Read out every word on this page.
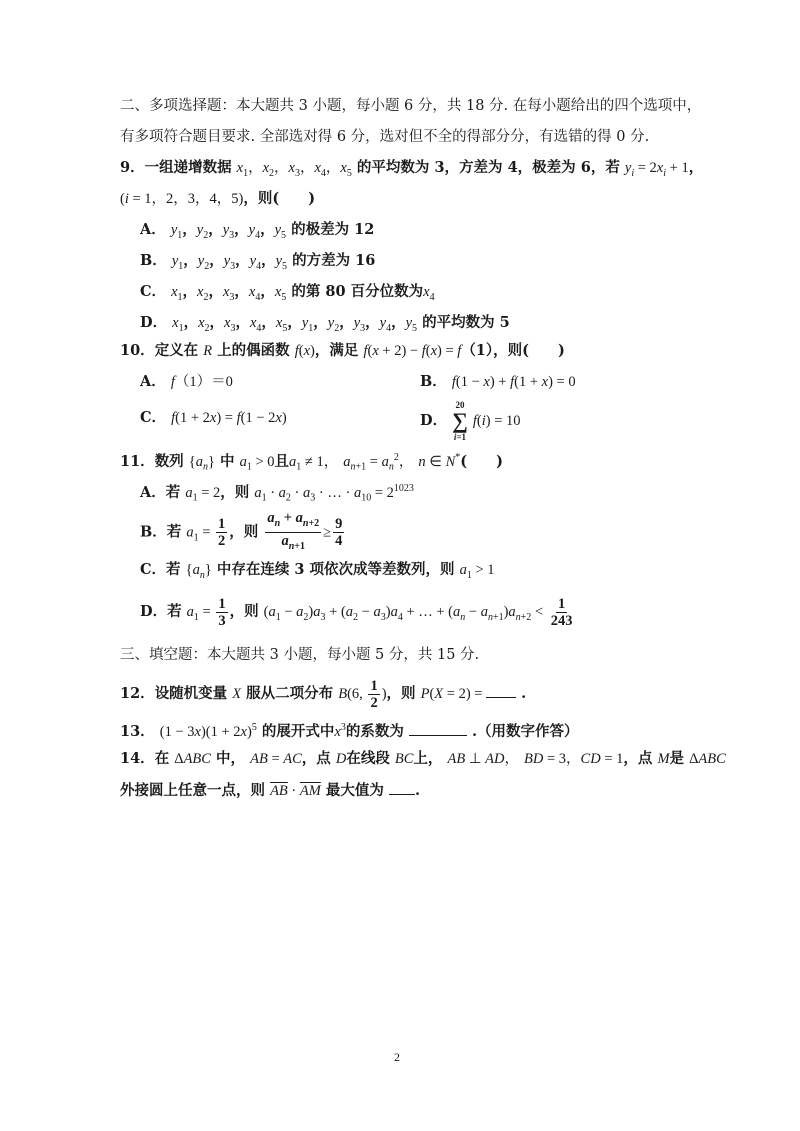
二、多项选择题：本大题共 3 小题，每小题 6 分，共 18 分. 在每小题给出的四个选项中，
有多项符合题目要求. 全部选对得 6 分，选对但不全的得部分分，有选错的得 0 分.
9．一组递增数据 $x_1$，$x_2$，$x_3$，$x_4$，$x_5$ 的平均数为 3，方差为 4，极差为 6，若 $y_i = 2x_i + 1$，
(i = 1，2，3，4，5)，则(　　)
A． $y_1$，$y_2$，$y_3$，$y_4$，$y_5$ 的极差为 12
B． $y_1$，$y_2$，$y_3$，$y_4$，$y_5$ 的方差为 16
C． $x_1$，$x_2$，$x_3$，$x_4$，$x_5$ 的第 80 百分位数为$x_4$
D． $x_1$，$x_2$，$x_3$，$x_4$，$x_5$，$y_1$，$y_2$，$y_3$，$y_4$，$y_5$ 的平均数为 5
10．定义在 R 上的偶函数 f(x)，满足 f(x + 2) − f(x) = f（1），则(　　)
A． f（1）＝0	B． f(1 − x) + f(1 + x) = 0
C． f(1 + 2x) = f(1 − 2x)	D．
20
∑
i=1
f(i) = 10
11．数列 $\{a_n\}$ 中 $a_1 > 0$且$a_1 \ne 1$， $a_{n+1} = a_n^2$， n ∈ N*(　　)
A．若 $a_1 = 2$，则 $a_1 \cdot a_2 \cdot a_3$ · … · $a_{10} = 2^{1023}$
B．若 $a_1 = \frac{1}{2}$ ，则 $\frac{a_n + a_{n+2}}{a_{n+1}} \ge \frac{9}{4}$
C．若 $\{a_n\}$ 中存在连续 3 项依次成等差数列，则 $a_1 > 1$
D．若 $a_1 = \frac{1}{3}$ ，则 $(a_1 - a_2)a_3 + (a_2 - a_3)a_4$ + … + $(a_n - a_{n+1})a_{n+2} < \frac{1}{243}$
三、填空题：本大题共 3 小题，每小题 5 分，共 15 分.
12．设随机变量 X 服从二项分布 B(6, $\frac{1}{2}$ )，则 P(X = 2) =  .
13． $(1 - 3x)(1 + 2x)^5$ 的展开式中$x^3$的系数为	.（用数字作答）
14．在 ΔABC 中， AB = AC，点 D在线段 BC上， AB ⊥ AD， BD = 3，CD = 1，点 M是 ΔABC
外接圆上任意一点，则 $\overline{AB} \cdot \overline{AM}$ 最大值为 .
2
